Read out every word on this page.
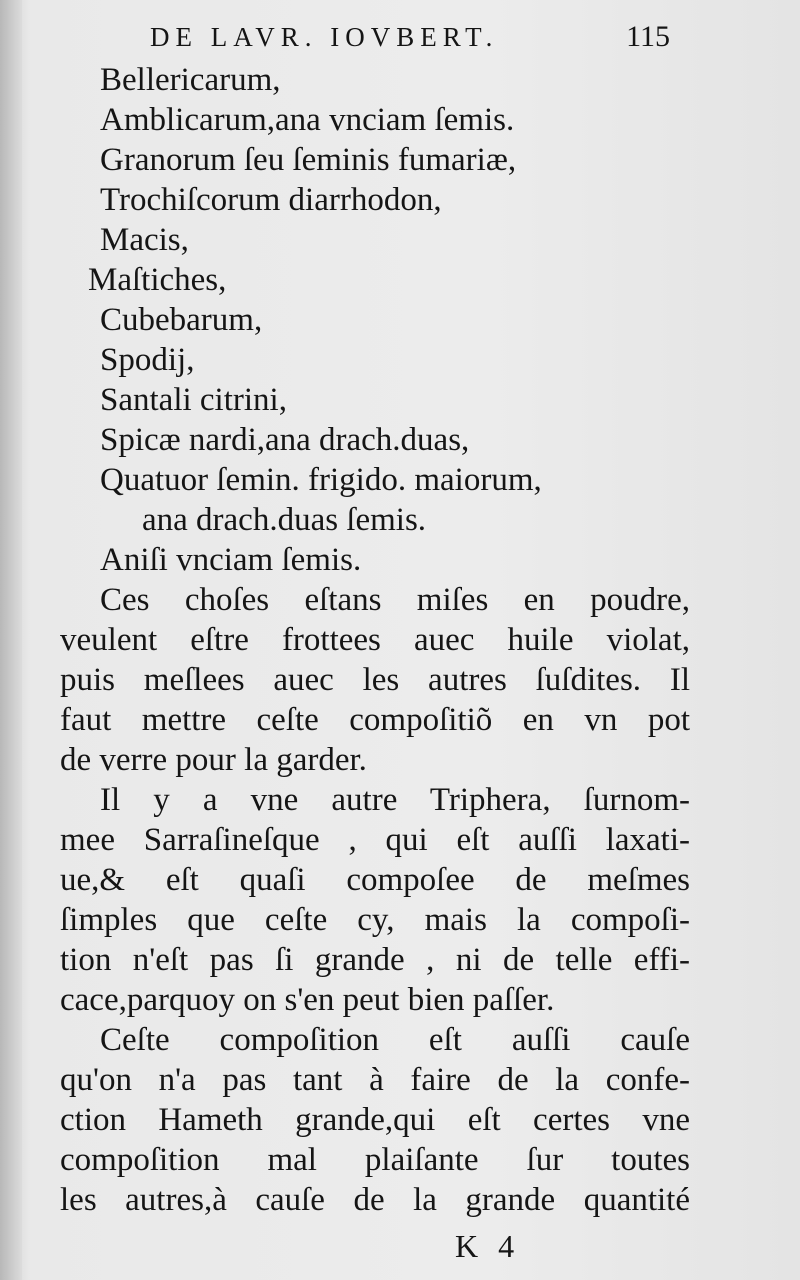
DE LAVR. IOVBERT.	115
Bellericarum,
Amblicarum,ana vnciam ſemis.
Granorum ſeu ſeminis fumariæ,
Trochiſcorum diarrhodon,
Macis,
Maſtiches,
Cubebarum,
Spodij,
Santali citrini,
Spicæ nardi,ana drach.duas,
Quatuor ſemin. frigido. maiorum,
ana drach.duas ſemis.
Aniſi vnciam ſemis.
Ces choſes eſtans miſes en poudre,
veulent eſtre frottees auec huile violat,
puis meſlees auec les autres ſuſdites. Il
faut mettre ceſte compoſitiõ en vn pot
de verre pour la garder.
Il y a vne autre Triphera, ſurnom-
mee Sarraſineſque , qui eſt auſſi laxati-
ue,& eſt quaſi compoſee de meſmes
ſimples que ceſte cy, mais la compoſi-
tion n'eſt pas ſi grande , ni de telle effi-
cace,parquoy on s'en peut bien paſſer.
Ceſte compoſition eſt auſſi cauſe
qu'on n'a pas tant à faire de la confe-
ction Hameth grande,qui eſt certes vne
compoſition mal plaiſante ſur toutes
les autres,à cauſe de la grande quantité
K 4
